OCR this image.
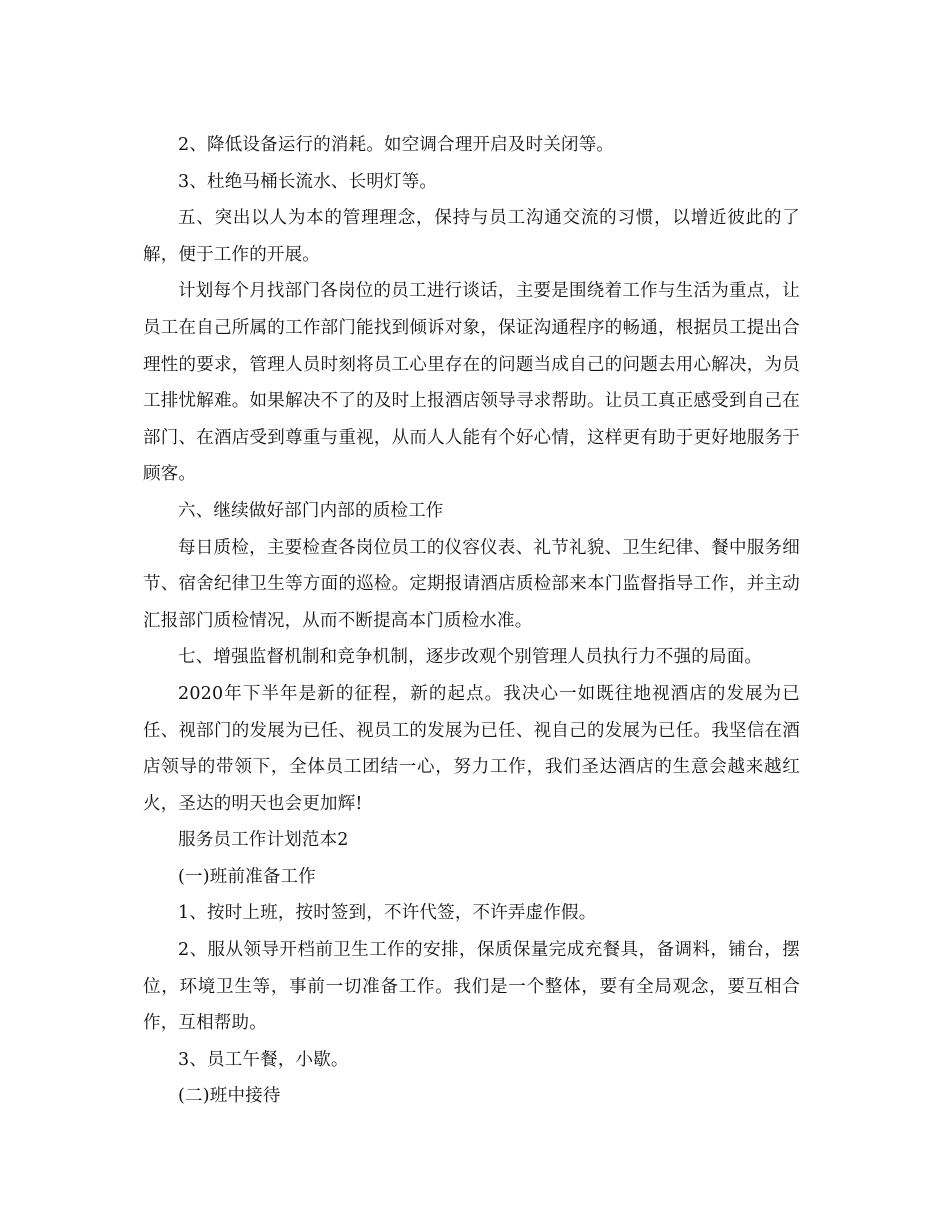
2、降低设备运行的消耗。如空调合理开启及时关闭等。

3、杜绝马桶长流水、长明灯等。

五、突出以人为本的管理理念，保持与员工沟通交流的习惯，以增近彼此的了解，便于工作的开展。

计划每个月找部门各岗位的员工进行谈话，主要是围绕着工作与生活为重点，让员工在自己所属的工作部门能找到倾诉对象，保证沟通程序的畅通，根据员工提出合理性的要求，管理人员时刻将员工心里存在的问题当成自己的问题去用心解决，为员工排忧解难。如果解决不了的及时上报酒店领导寻求帮助。让员工真正感受到自己在部门、在酒店受到尊重与重视，从而人人能有个好心情，这样更有助于更好地服务于顾客。

六、继续做好部门内部的质检工作

每日质检，主要检查各岗位员工的仪容仪表、礼节礼貌、卫生纪律、餐中服务细节、宿舍纪律卫生等方面的巡检。定期报请酒店质检部来本门监督指导工作，并主动汇报部门质检情况，从而不断提高本门质检水准。

七、增强监督机制和竞争机制，逐步改观个别管理人员执行力不强的局面。

2020年下半年是新的征程，新的起点。我决心一如既往地视酒店的发展为已任、视部门的发展为已任、视员工的发展为已任、视自己的发展为已任。我坚信在酒店领导的带领下，全体员工团结一心，努力工作，我们圣达酒店的生意会越来越红火，圣达的明天也会更加辉!

服务员工作计划范本2

(一)班前准备工作

1、按时上班，按时签到，不许代签，不许弄虚作假。

2、服从领导开档前卫生工作的安排，保质保量完成充餐具，备调料，铺台，摆位，环境卫生等，事前一切准备工作。我们是一个整体，要有全局观念，要互相合作，互相帮助。

3、员工午餐，小歇。

(二)班中接待
